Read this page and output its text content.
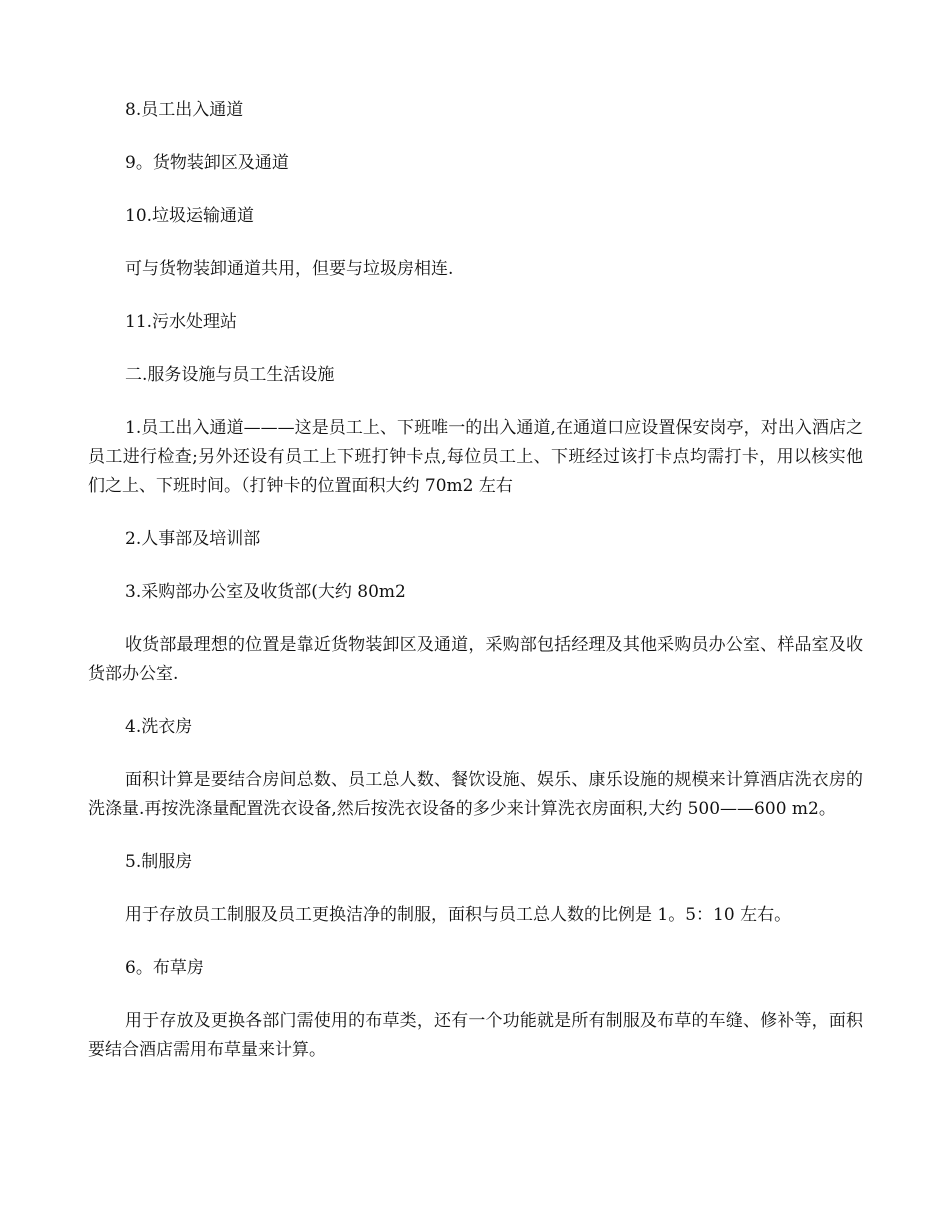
8.员工出入通道

9。货物装卸区及通道

10.垃圾运输通道

可与货物装卸通道共用，但要与垃圾房相连.

11.污水处理站

二.服务设施与员工生活设施

1.员工出入通道———这是员工上、下班唯一的出入通道,在通道口应设置保安岗亭，对出入酒店之员工进行检查;另外还设有员工上下班打钟卡点,每位员工上、下班经过该打卡点均需打卡，用以核实他们之上、下班时间。（打钟卡的位置面积大约 70m2 左右

2.人事部及培训部

3.采购部办公室及收货部(大约 80m2

收货部最理想的位置是靠近货物装卸区及通道，采购部包括经理及其他采购员办公室、样品室及收货部办公室.

4.洗衣房

面积计算是要结合房间总数、员工总人数、餐饮设施、娱乐、康乐设施的规模来计算酒店洗衣房的洗涤量.再按洗涤量配置洗衣设备,然后按洗衣设备的多少来计算洗衣房面积,大约 500——600 m2。

5.制服房

用于存放员工制服及员工更换洁净的制服，面积与员工总人数的比例是 1。5：10 左右。

6。布草房

用于存放及更换各部门需使用的布草类，还有一个功能就是所有制服及布草的车缝、修补等，面积要结合酒店需用布草量来计算。
